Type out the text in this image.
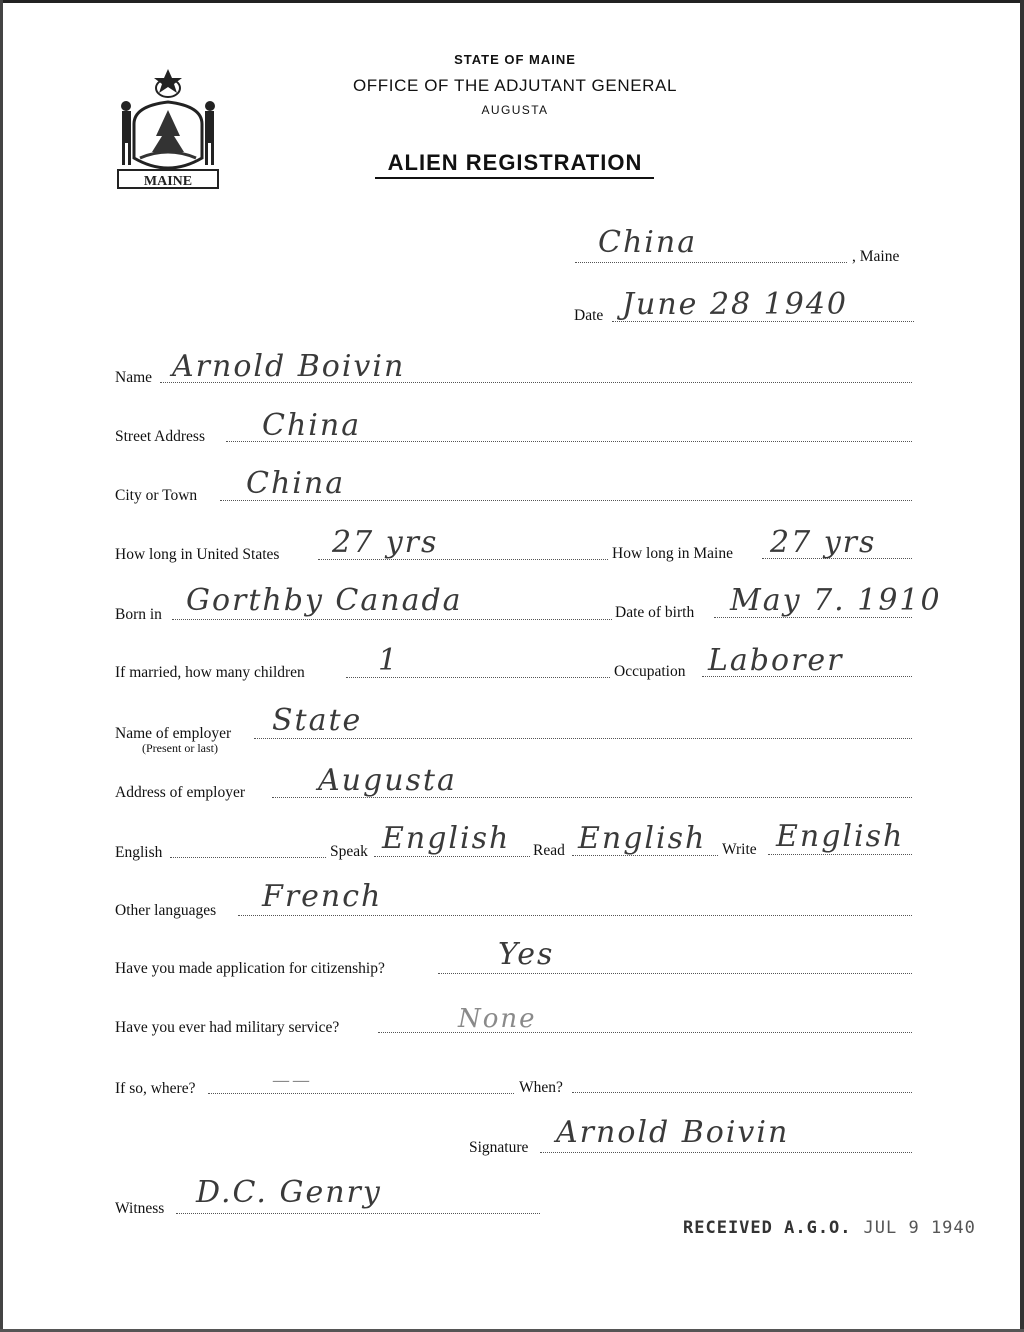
MAINE
STATE OF MAINE
OFFICE OF THE ADJUTANT GENERAL
AUGUSTA
ALIEN REGISTRATION
China	, Maine
Date June 28 1940
Name Arnold Boivin
Street Address China
City or Town China
How long in United States 27 yrs	How long in Maine 27 yrs
Born in Gorthby Canada	Date of birth May 7. 1910
If married, how many children 1	Occupation Laborer
Name of employer
(Present or last)
State
Address of employer Augusta
English	Speak English Read English Write English
Other languages French
Have you made application for citizenship?	Yes
Have you ever had military service?	None
If so, where?	——	When?
Signature Arnold Boivin
Witness D.C. Genry
RECEIVED A.G.O. JUL 9 1940
